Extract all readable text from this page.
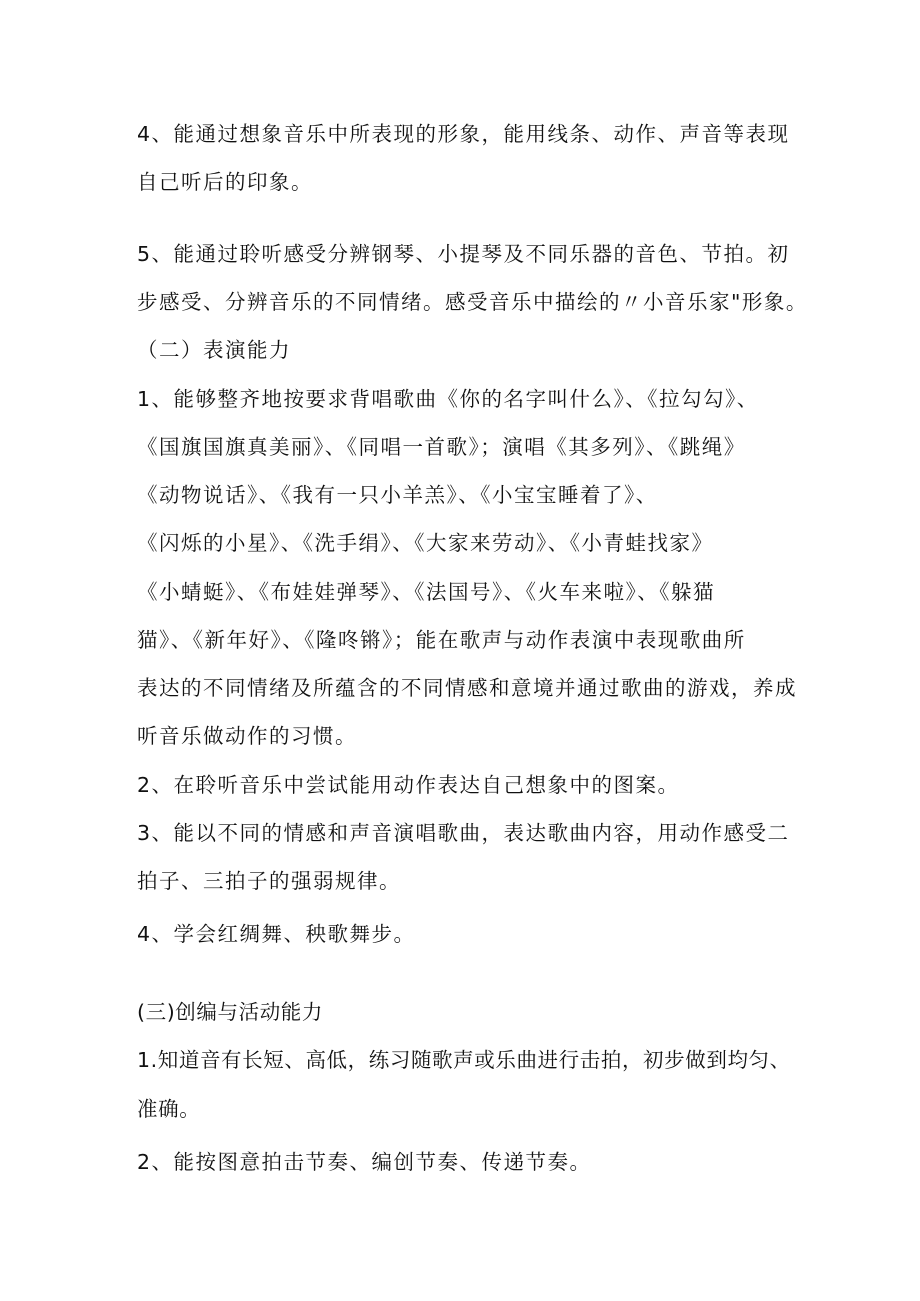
4、能通过想象音乐中所表现的形象，能用线条、动作、声音等表现
自己听后的印象。
5、能通过聆听感受分辨钢琴、小提琴及不同乐器的音色、节拍。初
步感受、分辨音乐的不同情绪。感受音乐中描绘的〃小音乐家"形象。
（二）表演能力
1、能够整齐地按要求背唱歌曲《你的名字叫什么》、《拉勾勾》、
《国旗国旗真美丽》、《同唱一首歌》；演唱《其多列》、《跳绳》
《动物说话》、《我有一只小羊羔》、《小宝宝睡着了》、
《闪烁的小星》、《洗手绢》、《大家来劳动》、《小青蛙找家》
《小蜻蜓》、《布娃娃弹琴》、《法国号》、《火车来啦》、《躲猫
猫》、《新年好》、《隆咚锵》；能在歌声与动作表演中表现歌曲所
表达的不同情绪及所蕴含的不同情感和意境并通过歌曲的游戏，养成
听音乐做动作的习惯。
2、在聆听音乐中尝试能用动作表达自己想象中的图案。
3、能以不同的情感和声音演唱歌曲，表达歌曲内容，用动作感受二
拍子、三拍子的强弱规律。
4、学会红绸舞、秧歌舞步。
(三)创编与活动能力
1.知道音有长短、高低，练习随歌声或乐曲进行击拍，初步做到均匀、
准确。
2、能按图意拍击节奏、编创节奏、传递节奏。
